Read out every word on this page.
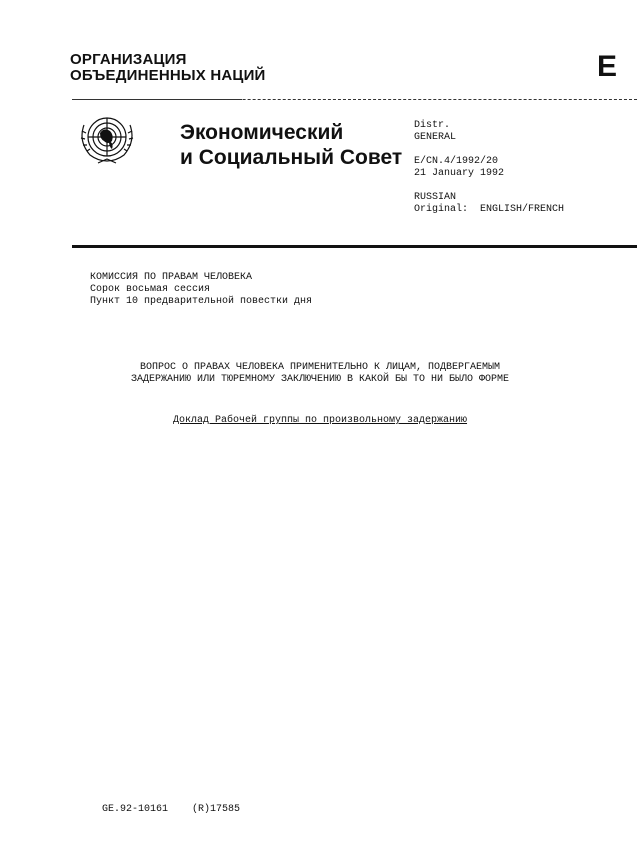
ОРГАНИЗАЦИЯ
ОБЪЕДИНЕННЫХ НАЦИЙ	E
Экономический
и Социальный Совет
Distr.
GENERAL
E/CN.4/1992/20
21 January 1992
RUSSIAN
Original:  ENGLISH/FRENCH
КОМИССИЯ ПО ПРАВАМ ЧЕЛОВЕКА
Сорок восьмая сессия
Пункт 10 предварительной повестки дня
ВОПРОС О ПРАВАХ ЧЕЛОВЕКА ПРИМЕНИТЕЛЬНО К ЛИЦАМ, ПОДВЕРГАЕМЫМ
ЗАДЕРЖАНИЮ ИЛИ ТЮРЕМНОМУ ЗАКЛЮЧЕНИЮ В КАКОЙ БЫ ТО НИ БЫЛО ФОРМЕ
Доклад Рабочей группы по произвольному задержанию

GE.92-10161 (R)17585
